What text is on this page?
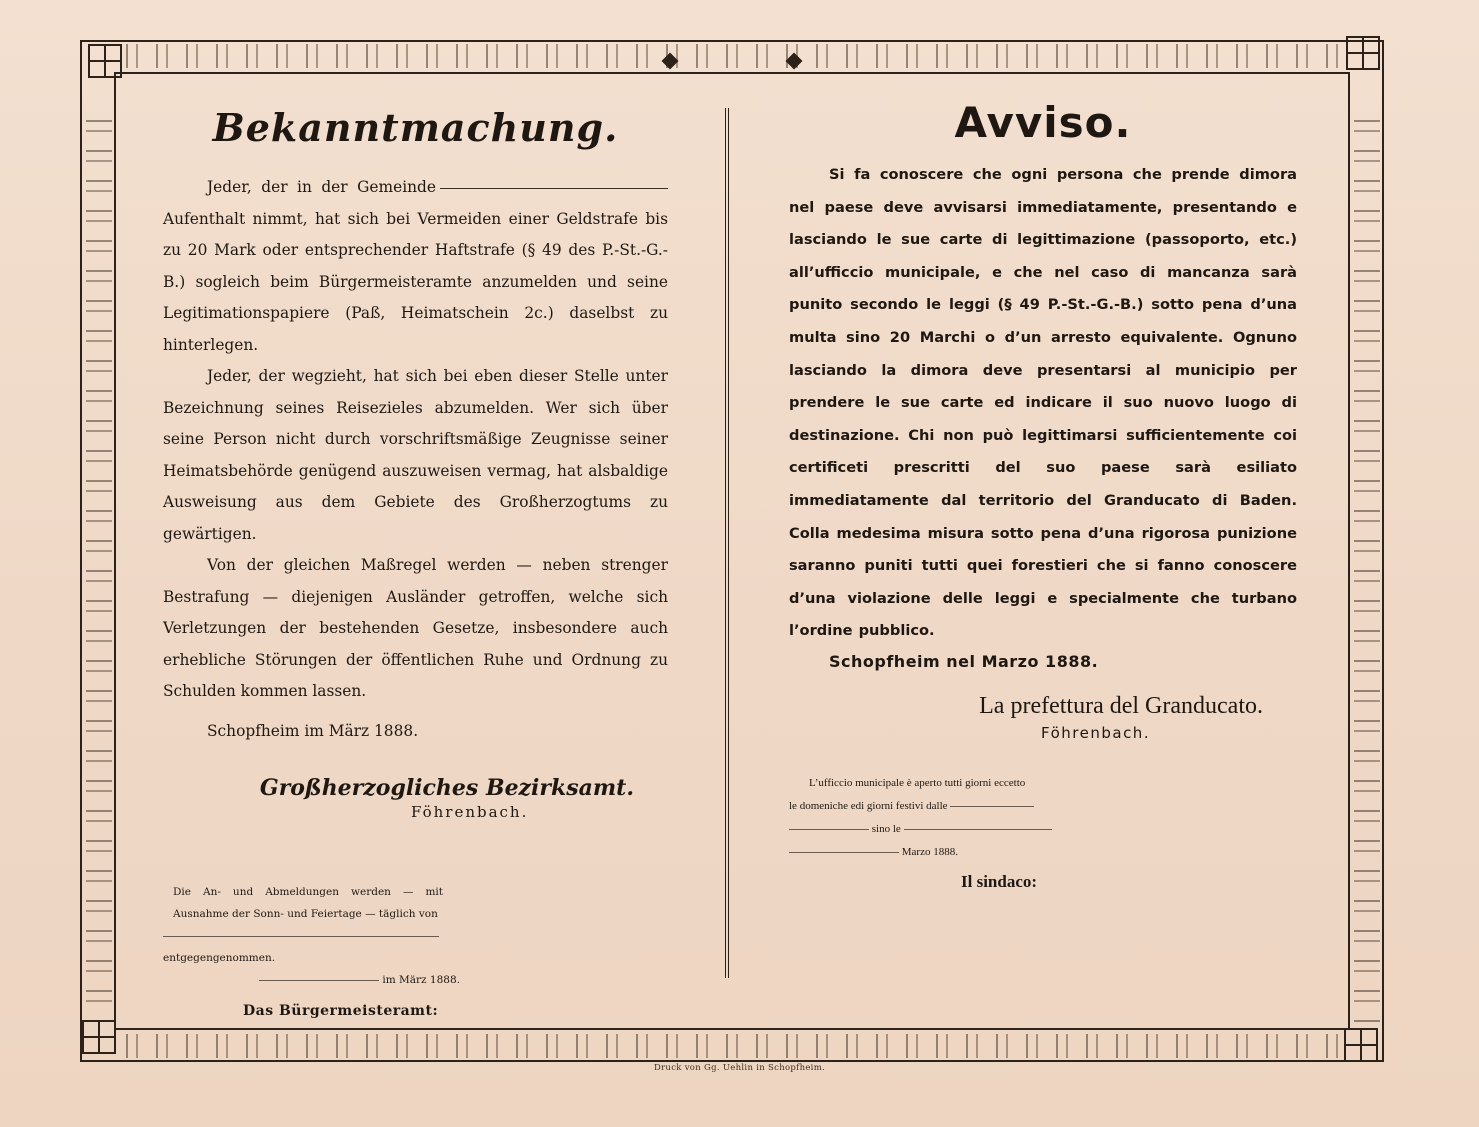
Bekanntmachung.

Jeder, der in der Gemeinde Aufenthalt nimmt, hat sich bei Vermeiden einer Geldstrafe bis zu 20 Mark oder entsprechender Haftstrafe (§ 49 des P.-St.-G.-B.) sogleich beim Bürgermeisteramte anzumelden und seine Legitimationspapiere (Paß, Heimatschein 2c.) daselbst zu hinterlegen.

Jeder, der wegzieht, hat sich bei eben dieser Stelle unter Bezeichnung seines Reisezieles abzumelden. Wer sich über seine Person nicht durch vorschriftsmäßige Zeugnisse seiner Heimatsbehörde genügend auszuweisen vermag, hat alsbaldige Ausweisung aus dem Gebiete des Großherzogtums zu gewärtigen.

Von der gleichen Maßregel werden — neben strenger Bestrafung — diejenigen Ausländer getroffen, welche sich Verletzungen der bestehenden Gesetze, insbesondere auch erhebliche Störungen der öffentlichen Ruhe und Ordnung zu Schulden kommen lassen.

Schopfheim im März 1888.
Großherzogliches Bezirksamt.
Föhrenbach.
Die An- und Abmeldungen werden — mit Ausnahme der Sonn- und Feiertage — täglich von
entgegengenommen.
im März 1888.
Das Bürgermeisteramt:
Avviso.

Si fa conoscere che ogni persona che prende dimora nel paese deve avvisarsi immediatamente, presentando e lasciando le sue carte di legittimazione (passoporto, etc.) all’ufficcio municipale, e che nel caso di mancanza sarà punito secondo le leggi (§ 49 P.-St.-G.-B.) sotto pena d’una multa sino 20 Marchi o d’un arresto equivalente. Ognuno lasciando la dimora deve presentarsi al municipio per prendere le sue carte ed indicare il suo nuovo luogo di destinazione. Chi non può legittimarsi sufficientemente coi certificeti prescritti del suo paese sarà esiliato immediatamente dal territorio del Granducato di Baden. Colla medesima misura sotto pena d’una rigorosa punizione saranno puniti tutti quei forestieri che si fanno conoscere d’una violazione delle leggi e specialmente che turbano l’ordine pubblico.

Schopfheim nel Marzo 1888.
La prefettura del Granducato.
Föhrenbach.
L’ufficcio municipale è aperto tutti giorni eccetto
le domeniche edi giorni festivi dalle
sino le
Marzo 1888.
Il sindaco:
Druck von Gg. Uehlin in Schopfheim.
